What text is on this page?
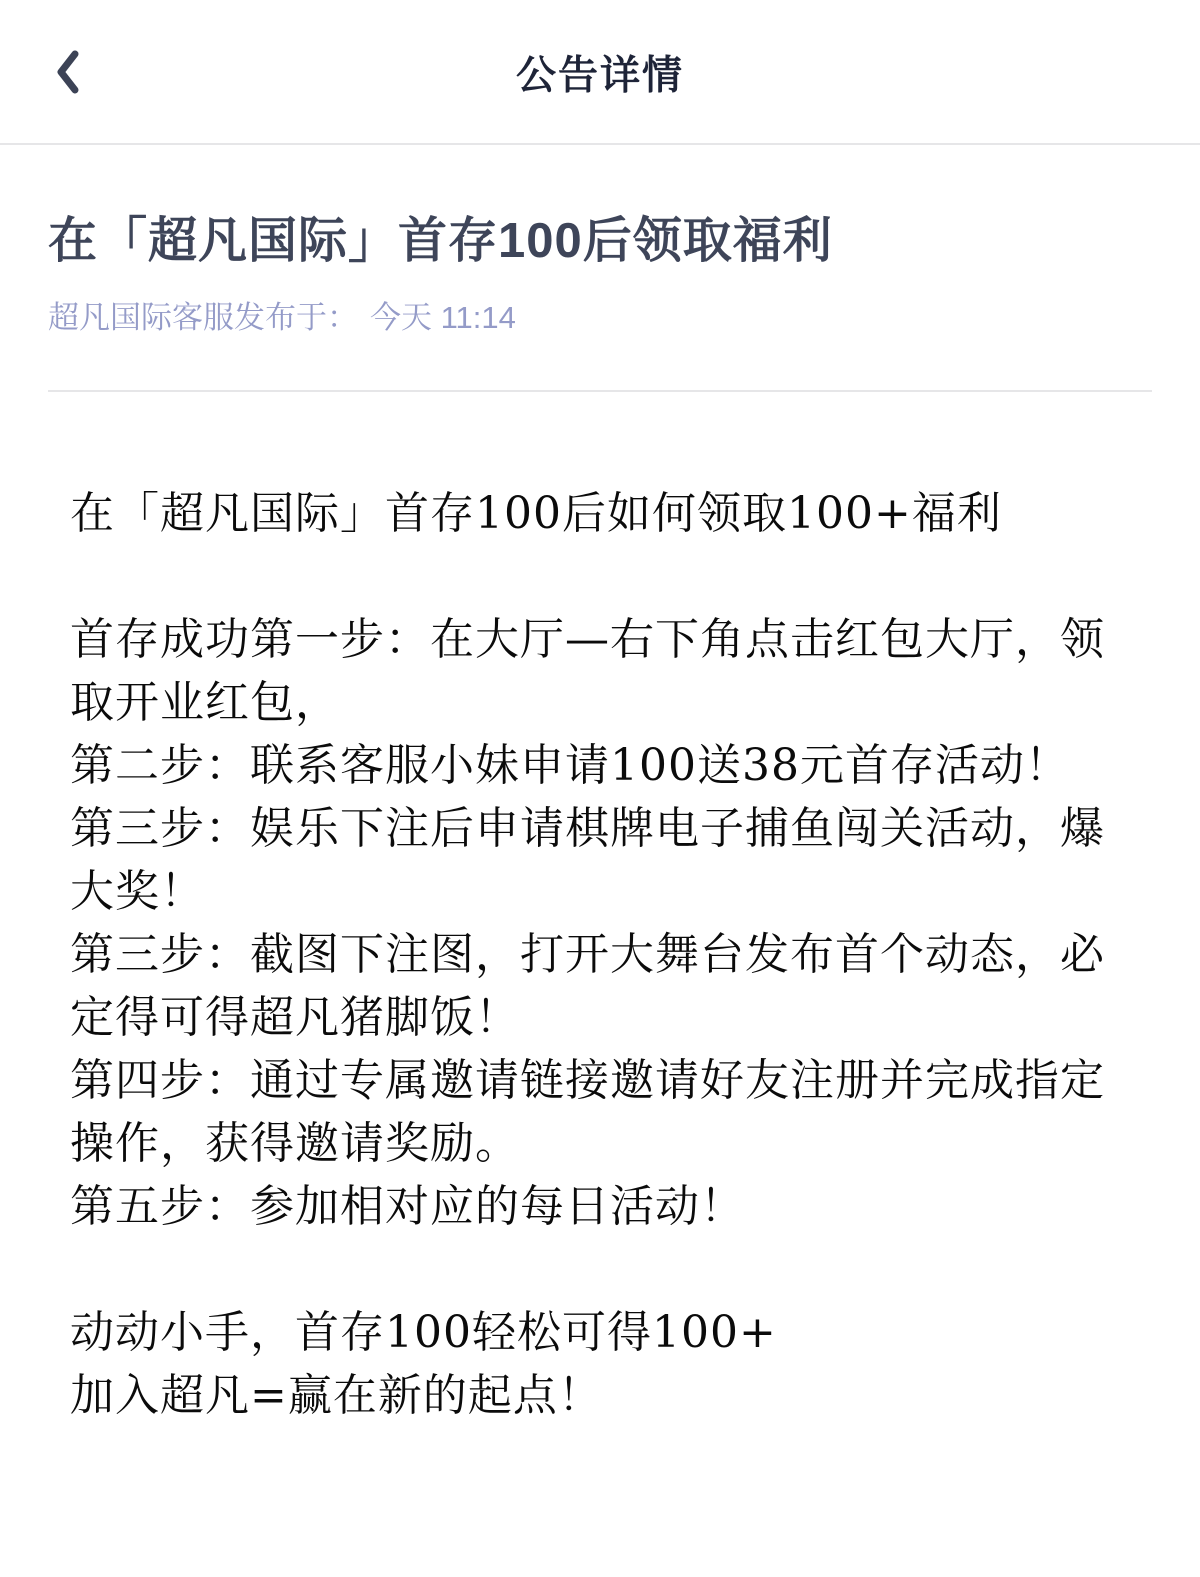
公告详情
在「超凡国际」首存100后领取福利
超凡国际客服发布于： 今天 11:14
在「超凡国际」首存100后如何领取100+福利
首存成功第一步：在大厅—右下角点击红包大厅，领
取开业红包，
第二步：联系客服小妹申请100送38元首存活动！
第三步：娱乐下注后申请棋牌电子捕鱼闯关活动，爆
大奖！
第三步：截图下注图，打开大舞台发布首个动态，必
定得可得超凡猪脚饭！
第四步：通过专属邀请链接邀请好友注册并完成指定
操作，获得邀请奖励。
第五步：参加相对应的每日活动！
动动小手，首存100轻松可得100+
加入超凡=赢在新的起点！
